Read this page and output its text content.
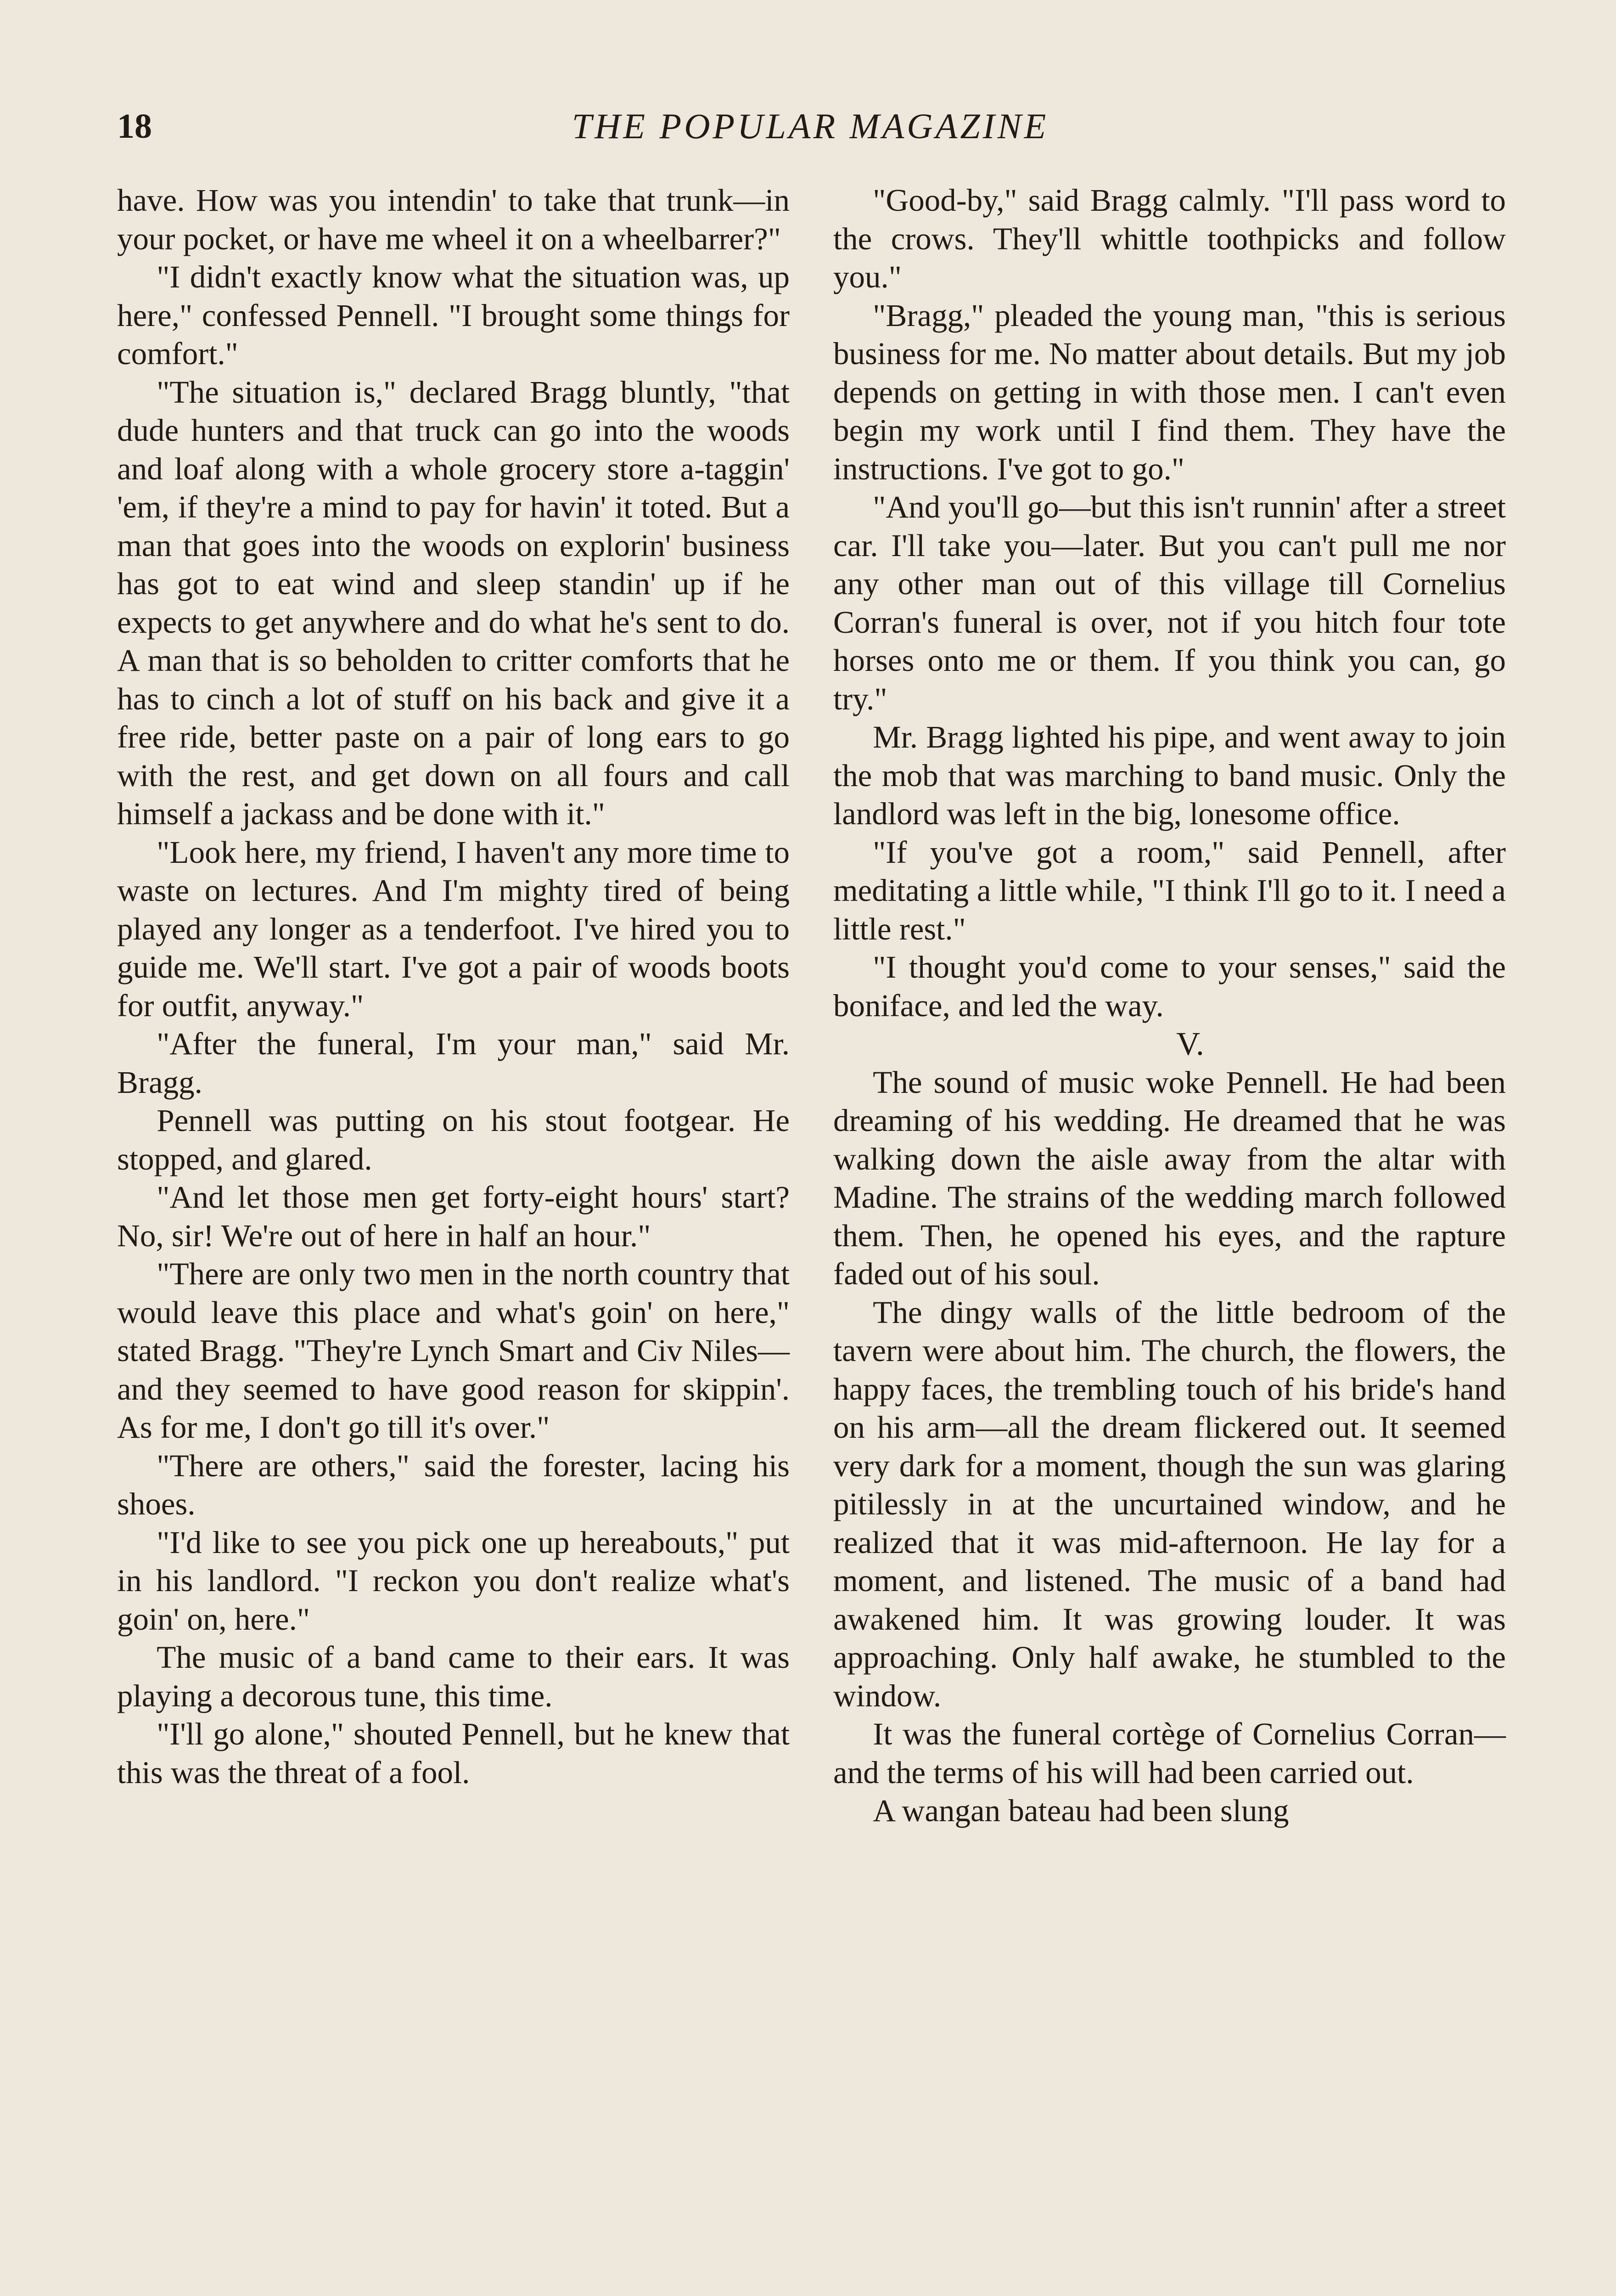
18	THE POPULAR MAGAZINE

have. How was you intendin' to take that trunk—in your pocket, or have me wheel it on a wheelbarrer?"

"I didn't exactly know what the situation was, up here," confessed Pennell. "I brought some things for comfort."

"The situation is," declared Bragg bluntly, "that dude hunters and that truck can go into the woods and loaf along with a whole grocery store a-taggin' 'em, if they're a mind to pay for havin' it toted. But a man that goes into the woods on explorin' business has got to eat wind and sleep standin' up if he expects to get anywhere and do what he's sent to do. A man that is so beholden to critter comforts that he has to cinch a lot of stuff on his back and give it a free ride, better paste on a pair of long ears to go with the rest, and get down on all fours and call himself a jackass and be done with it."

"Look here, my friend, I haven't any more time to waste on lectures. And I'm mighty tired of being played any longer as a tenderfoot. I've hired you to guide me. We'll start. I've got a pair of woods boots for outfit, anyway."

"After the funeral, I'm your man," said Mr. Bragg.

Pennell was putting on his stout footgear. He stopped, and glared.

"And let those men get forty-eight hours' start? No, sir! We're out of here in half an hour."

"There are only two men in the north country that would leave this place and what's goin' on here," stated Bragg. "They're Lynch Smart and Civ Niles—and they seemed to have good reason for skippin'. As for me, I don't go till it's over."

"There are others," said the forester, lacing his shoes.

"I'd like to see you pick one up hereabouts," put in his landlord. "I reckon you don't realize what's goin' on, here."

The music of a band came to their ears. It was playing a decorous tune, this time.

"I'll go alone," shouted Pennell, but he knew that this was the threat of a fool.

"Good-by," said Bragg calmly. "I'll pass word to the crows. They'll whittle toothpicks and follow you."

"Bragg," pleaded the young man, "this is serious business for me. No matter about details. But my job depends on getting in with those men. I can't even begin my work until I find them. They have the instructions. I've got to go."

"And you'll go—but this isn't runnin' after a street car. I'll take you—later. But you can't pull me nor any other man out of this village till Cornelius Corran's funeral is over, not if you hitch four tote horses onto me or them. If you think you can, go try."

Mr. Bragg lighted his pipe, and went away to join the mob that was marching to band music. Only the landlord was left in the big, lonesome office.

"If you've got a room," said Pennell, after meditating a little while, "I think I'll go to it. I need a little rest."

"I thought you'd come to your senses," said the boniface, and led the way.

V.

The sound of music woke Pennell. He had been dreaming of his wedding. He dreamed that he was walking down the aisle away from the altar with Madine. The strains of the wedding march followed them. Then, he opened his eyes, and the rapture faded out of his soul.

The dingy walls of the little bedroom of the tavern were about him. The church, the flowers, the happy faces, the trembling touch of his bride's hand on his arm—all the dream flickered out. It seemed very dark for a moment, though the sun was glaring pitilessly in at the uncurtained window, and he realized that it was mid-afternoon. He lay for a moment, and listened. The music of a band had awakened him. It was growing louder. It was approaching. Only half awake, he stumbled to the window.

It was the funeral cortège of Cornelius Corran—and the terms of his will had been carried out.

A wangan bateau had been slung
